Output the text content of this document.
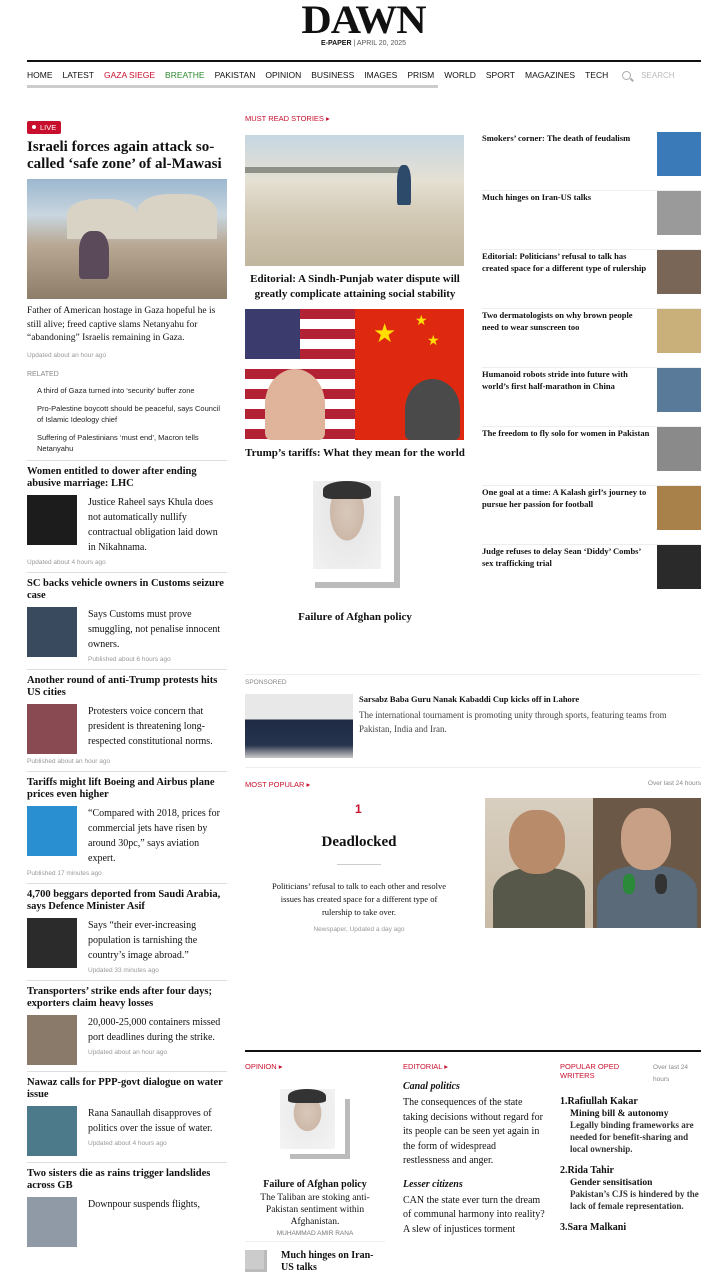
DAWN
E-PAPER | APRIL 20, 2025
HOME LATEST GAZA SIEGE BREATHE PAKISTAN OPINION BUSINESS IMAGES PRISM WORLD SPORT MAGAZINES TECH	SEARCH
LIVE
Israeli forces again attack so-called ‘safe zone’ of al-Mawasi
Father of American hostage in Gaza hopeful he is still alive; freed captive slams Netanyahu for “abandoning” Israelis remaining in Gaza.
Updated about an hour ago
RELATED
A third of Gaza turned into ‘security’ buffer zone
Pro-Palestine boycott should be peaceful, says Council of Islamic Ideology chief
Suffering of Palestinians ‘must end’, Macron tells Netanyahu
Women entitled to dower after ending abusive marriage: LHC
Justice Raheel says Khula does not automatically nullify contractual obligation laid down in Nikahnama.
Updated about 4 hours ago
SC backs vehicle owners in Customs seizure case
Says Customs must prove smuggling, not penalise innocent owners.
Published about 6 hours ago
Another round of anti-Trump protests hits US cities
Protesters voice concern that president is threatening long-respected constitutional norms.
Published about an hour ago
Tariffs might lift Boeing and Airbus plane prices even higher
“Compared with 2018, prices for commercial jets have risen by around 30pc,” says aviation expert.
Published 17 minutes ago
4,700 beggars deported from Saudi Arabia, says Defence Minister Asif
Says “their ever-increasing population is tarnishing the country’s image abroad.”
Updated 33 minutes ago
Transporters’ strike ends after four days; exporters claim heavy losses
20,000-25,000 containers missed port deadlines during the strike.
Updated about an hour ago
Nawaz calls for PPP-govt dialogue on water issue
Rana Sanaullah disapproves of politics over the issue of water.
Updated about 4 hours ago
Two sisters die as rains trigger landslides across GB
Downpour suspends flights,
MUST READ STORIES ▸
Editorial: A Sindh-Punjab water dispute will greatly complicate attaining social stability
★ ★
★
Trump’s tariffs: What they mean for the world
Failure of Afghan policy
Smokers’ corner: The death of feudalism
Much hinges on Iran-US talks
Editorial: Politicians’ refusal to talk has created space for a different type of rulership
Two dermatologists on why brown people need to wear sunscreen too
Humanoid robots stride into future with world’s first half-marathon in China
The freedom to fly solo for women in Pakistan
One goal at a time: A Kalash girl’s journey to pursue her passion for football
Judge refuses to delay Sean ‘Diddy’ Combs’ sex trafficking trial
SPONSORED
Sarsabz Baba Guru Nanak Kabaddi Cup kicks off in Lahore
The international tournament is promoting unity through sports, featuring teams from Pakistan, India and Iran.
MOST POPULAR ▸	Over last 24 hours
1
Deadlocked
Politicians’ refusal to talk to each other and resolve issues has created space for a different type of rulership to take over.
Newspaper, Updated a day ago
OPINION ▸
Failure of Afghan policy
The Taliban are stoking anti-Pakistan sentiment within Afghanistan.
MUHAMMAD AMIR RANA
Much hinges on Iran-US talks
EDITORIAL ▸
Canal politics
The consequences of the state taking decisions without regard for its people can be seen yet again in the form of widespread restlessness and anger.
Lesser citizens
CAN the state ever turn the dream of communal harmony into reality? A slew of injustices torment
POPULAR OPED WRITERS
Over last 24 hours
1.Rafiullah Kakar
Mining bill & autonomy
Legally binding frameworks are needed for benefit-sharing and local ownership.
2.Rida Tahir
Gender sensitisation
Pakistan’s CJS is hindered by the lack of female representation.
3.Sara Malkani
